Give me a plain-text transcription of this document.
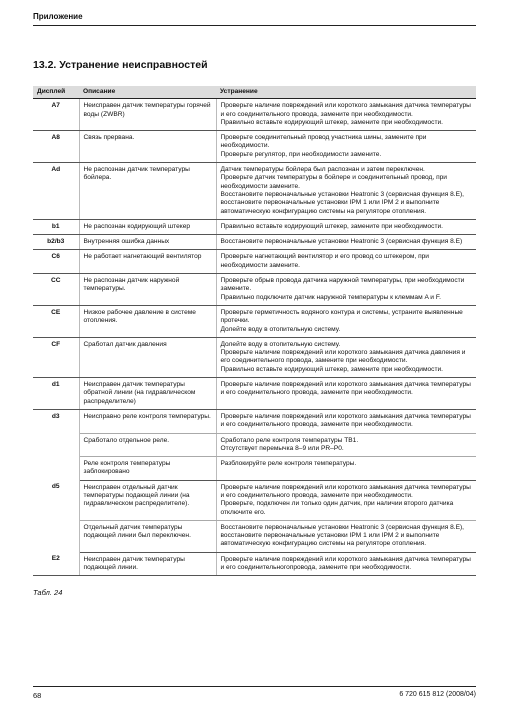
Приложение
13.2. Устранение неисправностей
Дисплей	Описание	Устранение
A7	Неисправен датчик температуры горячей воды (ZWBR)	Проверьте наличие повреждений или короткого замыкания датчика температуры и его соединительного провода, замените при необходимости.
Правильно вставьте кодирующий штекер, замените при необходимости.

A8	Связь прервана.	Проверьте соединительный провод участника шины, замените при необходимости.
Проверьте регулятор, при необходимости замените.

Ad	Не распознан датчик температуры бойлера.	Датчик температуры бойлера был распознан и затем переключен.
Проверьте датчик температуры в бойлере и соединительный провод, при необходимости замените.
Восстановите первоначальные установки Heatronic 3 (сервисная функция 8.E), восстановите первоначальные установки IPM 1 или IPM 2 и выполните автоматическую конфигурацию системы на регуляторе отопления.

b1	Не распознан кодирующий штекер	Правильно вставьте кодирующий штекер, замените при необходимости.

b2/b3	Внутренняя ошибка данных	Восстановите первоначальные установки Heatronic 3 (сервисная функция 8.E)

C6	Не работает нагнетающий вентилятор	Проверьте нагнетающий вентилятор и его провод со штекером, при необходимости замените.

CC	Не распознан датчик наружной температуры.	Проверьте обрыв провода датчика наружной температуры, при необходимости замените.
Правильно подключите датчик наружной температуры к клеммам A и F.

CE	Низкое рабочее давление в системе отопления.	Проверьте герметичность водяного контура и системы, устраните выявленные протечки.
Долейте воду в отопительную систему.

CF	Сработал датчик давления	Долейте воду в отопительную систему.
Проверьте наличие повреждений или короткого замыкания датчика давления и его соединительного провода, замените при необходимости.
Правильно вставьте кодирующий штекер, замените при необходимости.

d1	Неисправен датчик температуры обратной линии (на гидравлическом распределителе)	Проверьте наличие повреждений или короткого замыкания датчика температуры и его соединительного провода, замените при необходимости.

d3	Неисправно реле контроля температуры.	Проверьте наличие повреждений или короткого замыкания датчика температуры и его соединительного провода, замените при необходимости.

	Сработало отдельное реле.	Сработало реле контроля температуры TB1.
Отсутствует перемычка 8–9 или PR–P0.

	Реле контроля температуры заблокировано	Разблокируйте реле контроля температуры.

d5	Неисправен отдельный датчик температуры подающей линии (на гидравлическом распределителе).	Проверьте наличие повреждений или короткого замыкания датчика температуры и его соединительного провода, замените при необходимости.
Проверьте, подключен ли только один датчик, при наличии второго датчика отключите его.

	Отдельный датчик температуры подающей линии был переключен.	Восстановите первоначальные установки Heatronic 3 (сервисная функция 8.E), восстановите первоначальные установки IPM 1 или IPM 2 и выполните автоматическую конфигурацию системы на регуляторе отопления.

E2	Неисправен датчик температуры подающей линии.	Проверьте наличие повреждений или короткого замыкания датчика температуры и его соединительногопровода, замените при необходимости.
Табл. 24
68	6 720 615 812 (2008/04)
